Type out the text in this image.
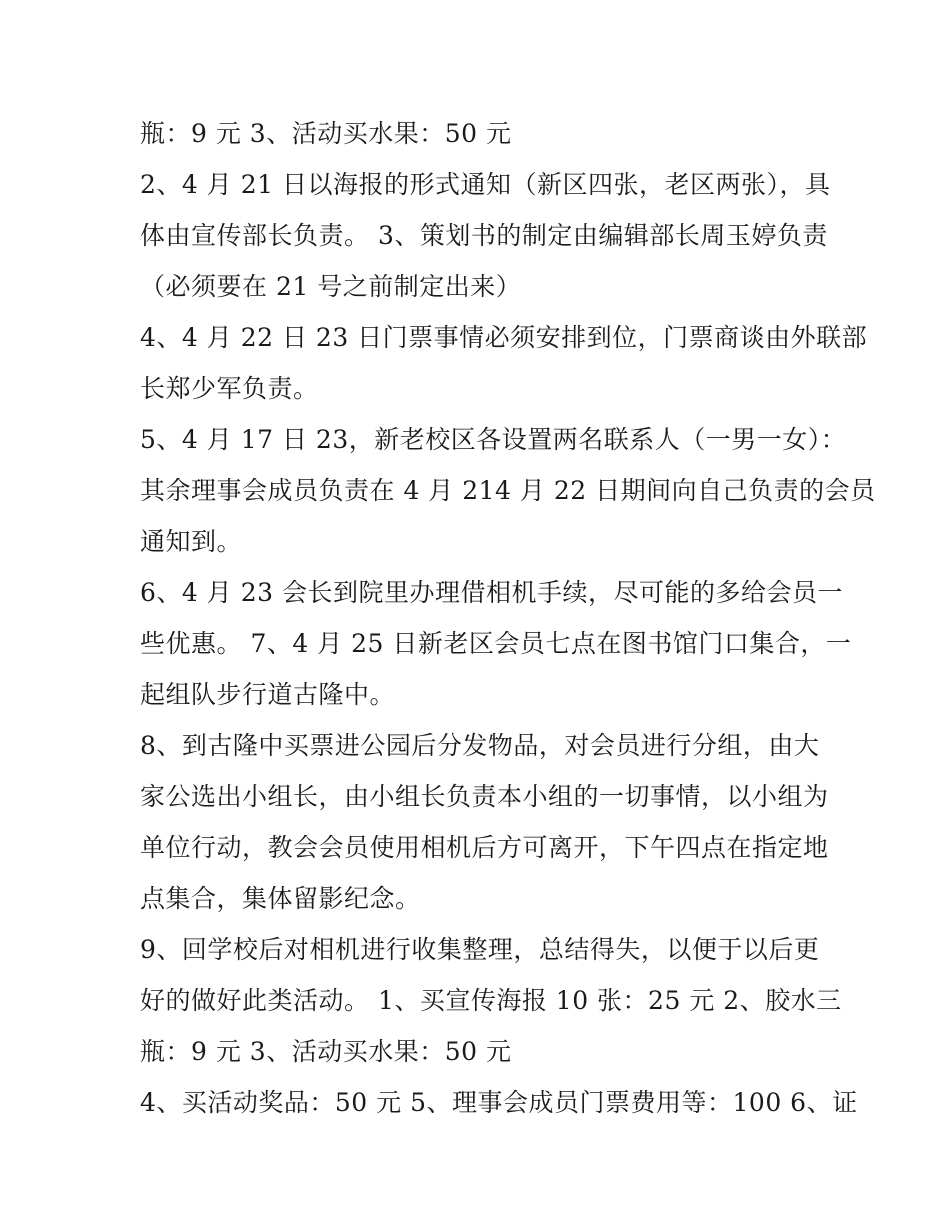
瓶：9 元 3、活动买水果：50 元
2、4 月 21 日以海报的形式通知（新区四张，老区两张），具
体由宣传部长负责。 3、策划书的制定由编辑部长周玉婷负责
（必须要在 21 号之前制定出来）
4、4 月 22 日 23 日门票事情必须安排到位，门票商谈由外联部
长郑少军负责。
5、4 月 17 日 23，新老校区各设置两名联系人（一男一女）：
其余理事会成员负责在 4 月 214 月 22 日期间向自己负责的会员
通知到。
6、4 月 23 会长到院里办理借相机手续，尽可能的多给会员一
些优惠。 7、4 月 25 日新老区会员七点在图书馆门口集合，一
起组队步行道古隆中。
8、到古隆中买票进公园后分发物品，对会员进行分组，由大
家公选出小组长，由小组长负责本小组的一切事情，以小组为
单位行动，教会会员使用相机后方可离开，下午四点在指定地
点集合，集体留影纪念。
9、回学校后对相机进行收集整理，总结得失，以便于以后更
好的做好此类活动。 1、买宣传海报 10 张：25 元 2、胶水三
瓶：9 元 3、活动买水果：50 元
4、买活动奖品：50 元 5、理事会成员门票费用等：100 6、证
